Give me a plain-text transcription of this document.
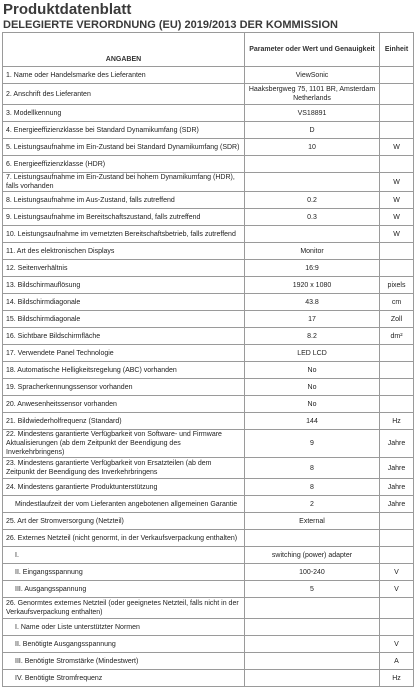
Produktdatenblatt
DELEGIERTE VERORDNUNG (EU) 2019/2013 DER KOMMISSION
ANGABEN	Parameter oder Wert und Genauigkeit	Einheit
1. Name oder Handelsmarke des Lieferanten	ViewSonic	
2. Anschrift des Lieferanten	Haaksbergweg 75, 1101 BR, Amsterdam Netherlands	
3. Modellkennung	VS18891	
4. Energieeffizienzklasse bei Standard Dynamikumfang (SDR)	D	
5. Leistungsaufnahme im Ein-Zustand bei Standard Dynamikumfang (SDR)	10	W
6. Energieeffizienzklasse (HDR)		
7. Leistungsaufnahme im Ein-Zustand bei hohem Dynamikumfang (HDR), falls vorhanden		W
8. Leistungsaufnahme im Aus-Zustand, falls zutreffend	0.2	W
9. Leistungsaufnahme im Bereitschaftszustand, falls zutreffend	0.3	W
10. Leistungsaufnahme im vernetzten Bereitschaftsbetrieb, falls zutreffend		W
11. Art des elektronischen Displays	Monitor	
12. Seitenverhältnis	16:9	
13. Bildschirmauflösung	1920 x 1080	pixels
14. Bildschirmdiagonale	43.8	cm
15. Bildschirmdiagonale	17	Zoll
16. Sichtbare Bildschirmfläche	8.2	dm²
17. Verwendete Panel Technologie	LED LCD	
18. Automatische Helligkeitsregelung (ABC) vorhanden	No	
19. Spracherkennungssensor vorhanden	No	
20. Anwesenheitssensor vorhanden	No	
21. Bildwiederholfrequenz (Standard)	144	Hz
22. Mindestens garantierte Verfügbarkeit von Software- und Firmware Aktualisierungen (ab dem Zeitpunkt der Beendigung des Inverkehrbringens)	9	Jahre
23. Mindestens garantierte Verfügbarkeit von Ersatzteilen (ab dem Zeitpunkt der Beendigung des Inverkehrbringens	8	Jahre
24. Mindestens garantierte Produktunterstützung	8	Jahre
Mindestlaufzeit der vom Lieferanten angebotenen allgemeinen Garantie	2	Jahre
25. Art der Stromversorgung (Netzteil)	External	
26. Externes Netzteil (nicht genormt, in der Verkaufsverpackung enthalten)		
I.	switching (power) adapter	
II. Eingangsspannung	100-240	V
III. Ausgangsspannung	5	V
26. Genormtes externes Netzteil (oder geeignetes Netzteil, falls nicht in der Verkaufsverpackung enthalten)		
I. Name oder Liste unterstützter Normen		
II. Benötigte Ausgangsspannung		V
III. Benötigte Stromstärke (Mindestwert)		A
IV. Benötigte Stromfrequenz		Hz
